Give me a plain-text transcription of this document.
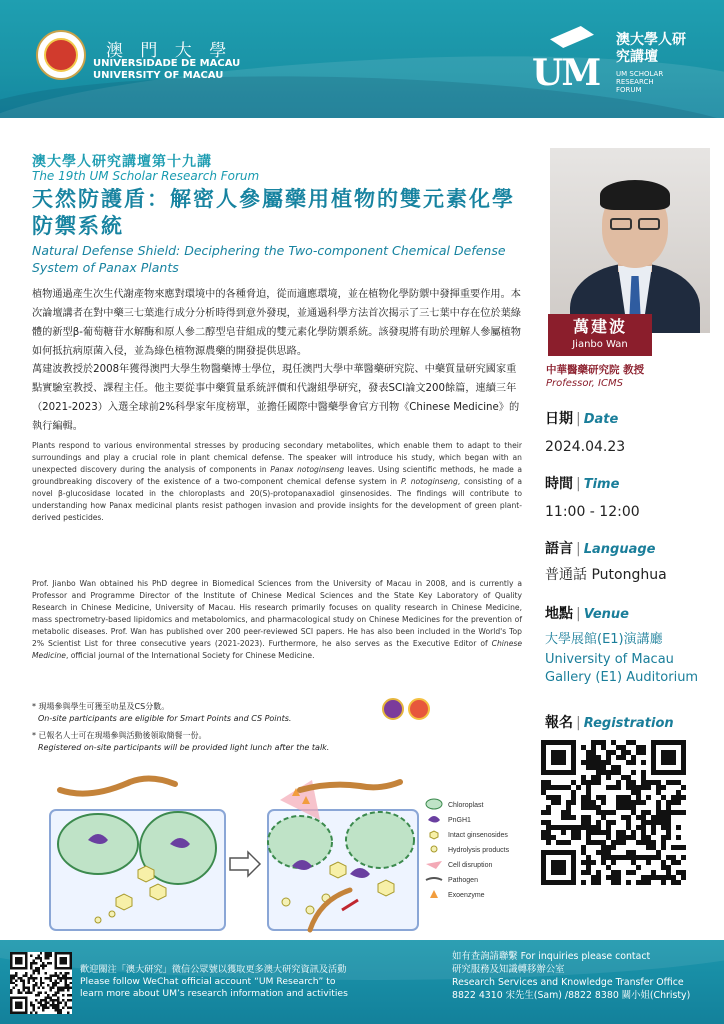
澳 門 大 學
UNIVERSIDADE DE MACAU
UNIVERSITY OF MACAU	UM
澳大學人研究講壇
UM SCHOLAR RESEARCH FORUM
澳大學人研究講壇第十九講
The 19th UM Scholar Research Forum
天然防護盾：解密人參屬藥用植物的雙元素化學防禦系統
Natural Defense Shield: Deciphering the Two-component Chemical Defense System of Panax Plants
植物通過產生次生代謝產物來應對環境中的各種脅迫，從而適應環境，並在植物化學防禦中發揮重要作用。本次論壇講者在對中藥三七葉進行成分分析時得到意外發現，並通過科學方法首次揭示了三七葉中存在位於葉綠體的新型β-葡萄糖苷水解酶和原人參二醇型皂苷組成的雙元素化學防禦系統。該發現將有助於理解人參屬植物如何抵抗病原菌入侵，並為綠色植物源農藥的開發提供思路。
萬建波教授於2008年獲得澳門大學生物醫藥博士學位，現任澳門大學中華醫藥研究院、中藥質量研究國家重點實驗室教授、課程主任。他主要從事中藥質量系統評價和代謝組學研究，發表SCI論文200餘篇，連續三年（2021-2023）入選全球前2%科學家年度榜單，並擔任國際中醫藥學會官方刊物《Chinese Medicine》的執行編輯。
Plants respond to various environmental stresses by producing secondary metabolites, which enable them to adapt to their surroundings and play a crucial role in plant chemical defense. The speaker will introduce his study, which began with an unexpected discovery during the analysis of components in Panax notoginseng leaves. Using scientific methods, he made a groundbreaking discovery of the existence of a two-component chemical defense system in P. notoginseng, consisting of a novel β-glucosidase located in the chloroplasts and 20(S)-protopanaxadiol ginsenosides. The findings will contribute to understanding how Panax medicinal plants resist pathogen invasion and provide insights for the development of green plant-derived pesticides.
Prof. Jianbo Wan obtained his PhD degree in Biomedical Sciences from the University of Macau in 2008, and is currently a Professor and Programme Director of the Institute of Chinese Medical Sciences and the State Key Laboratory of Quality Research in Chinese Medicine, University of Macau. His research primarily focuses on quality research in Chinese Medicine, mass spectrometry-based lipidomics and metabolomics, and pharmacological study on Chinese Medicines for the prevention of metabolic diseases. Prof. Wan has published over 200 peer-reviewed SCI papers. He has also been included in the World's Top 2% Scientist List for three consecutive years (2021-2023). Furthermore, he also serves as the Executive Editor of Chinese Medicine, official journal of the International Society for Chinese Medicine.
* 現場參與學生可獲至叻星及CS分數。
On-site participants are eligible for Smart Points and CS Points.
* 已報名人士可在現場參與活動後領取簡餐一份。
Registered on-site participants will be provided light lunch after the talk.
Chloroplast
PnGH1
Intact ginsenosides
Hydrolysis products
Cell disruption
Pathogen
Exoenzyme
萬建波
Jianbo Wan
中華醫藥研究院 教授
Professor, ICMS
日期 | Date
2024.04.23
時間 | Time
11:00 - 12:00
語言 | Language
普通話 Putonghua
地點 | Venue
大學展館(E1)演講廳
University of Macau
Gallery (E1) Auditorium
報名 | Registration
歡迎關注「澳大研究」微信公眾號以獲取更多澳大研究資訊及活動
Please follow WeChat official account “UM Research” to
learn more about UM’s research information and activities
如有查詢請聯繫 For inquiries please contact
研究服務及知識轉移辦公室
Research Services and Knowledge Transfer Office
8822 4310 宋先生(Sam) /8822 8380 關小姐(Christy)
